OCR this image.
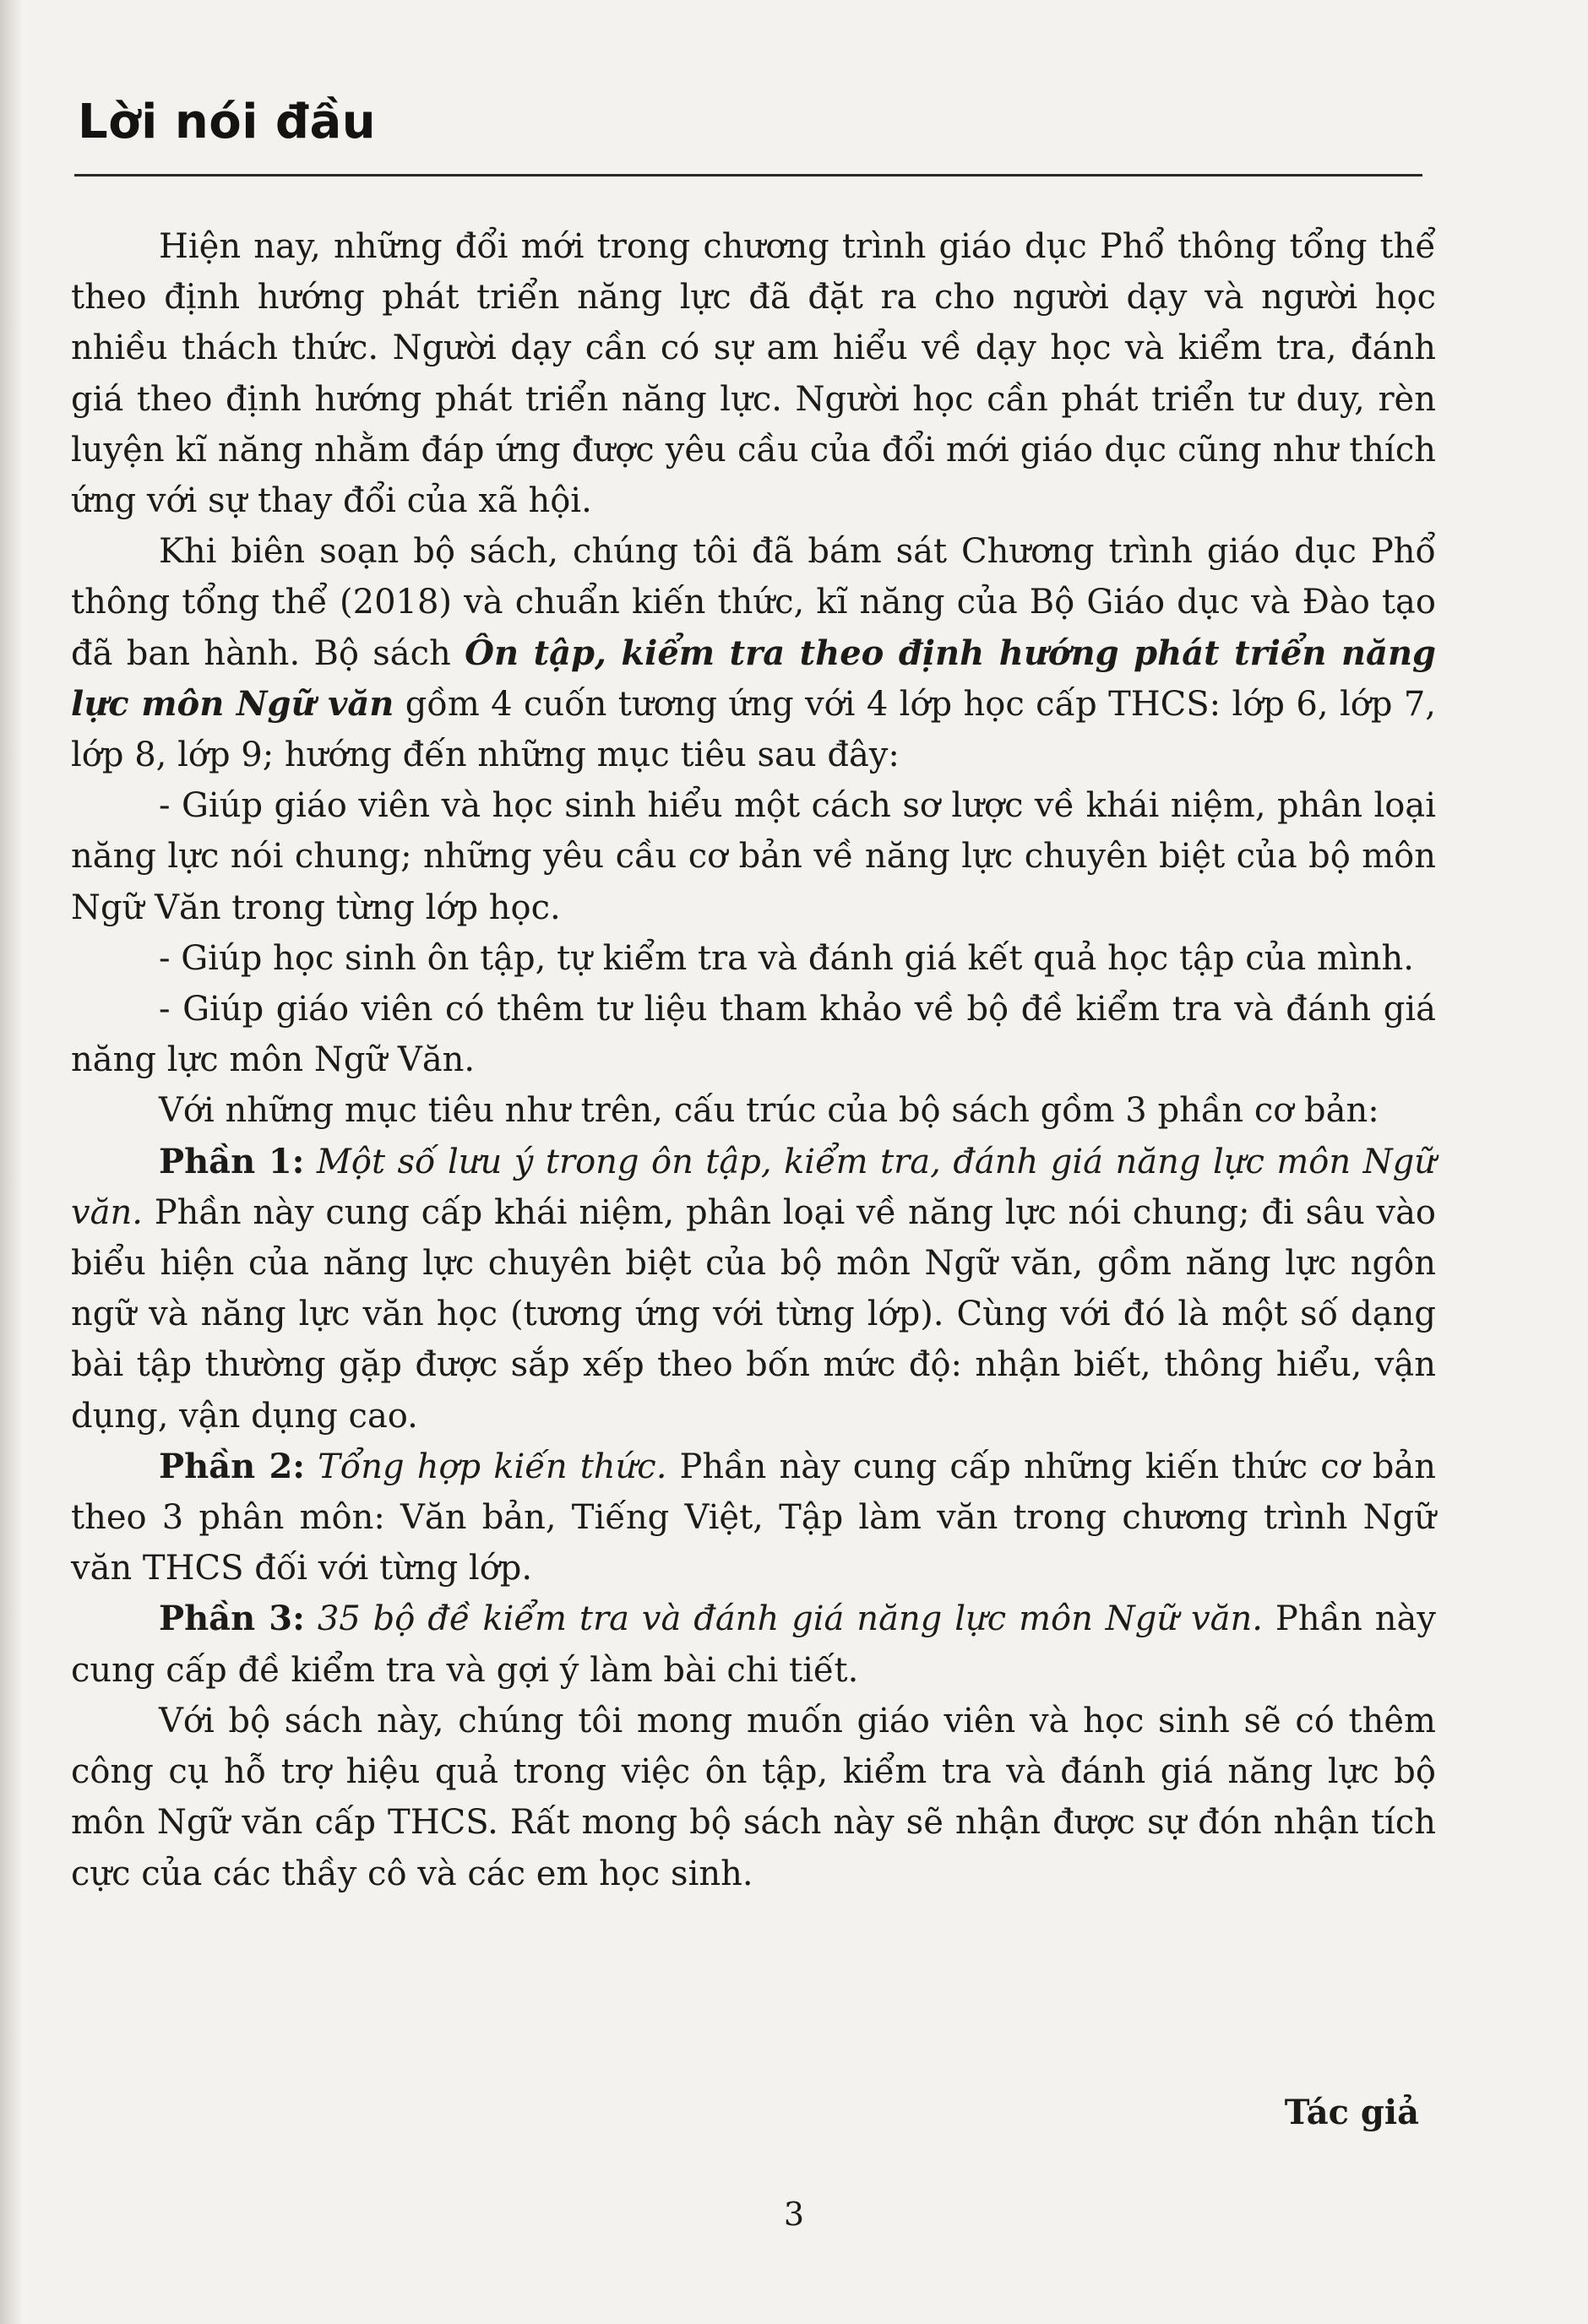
Lời nói đầu

Hiện nay, những đổi mới trong chương trình giáo dục Phổ thông tổng thể theo định hướng phát triển năng lực đã đặt ra cho người dạy và người học nhiều thách thức. Người dạy cần có sự am hiểu về dạy học và kiểm tra, đánh giá theo định hướng phát triển năng lực. Người học cần phát triển tư duy, rèn luyện kĩ năng nhằm đáp ứng được yêu cầu của đổi mới giáo dục cũng như thích ứng với sự thay đổi của xã hội.

Khi biên soạn bộ sách, chúng tôi đã bám sát Chương trình giáo dục Phổ thông tổng thể (2018) và chuẩn kiến thức, kĩ năng của Bộ Giáo dục và Đào tạo đã ban hành. Bộ sách Ôn tập, kiểm tra theo định hướng phát triển năng lực môn Ngữ văn gồm 4 cuốn tương ứng với 4 lớp học cấp THCS: lớp 6, lớp 7, lớp 8, lớp 9; hướng đến những mục tiêu sau đây:

- Giúp giáo viên và học sinh hiểu một cách sơ lược về khái niệm, phân loại năng lực nói chung; những yêu cầu cơ bản về năng lực chuyên biệt của bộ môn Ngữ Văn trong từng lớp học.

- Giúp học sinh ôn tập, tự kiểm tra và đánh giá kết quả học tập của mình.

- Giúp giáo viên có thêm tư liệu tham khảo về bộ đề kiểm tra và đánh giá năng lực môn Ngữ Văn.

Với những mục tiêu như trên, cấu trúc của bộ sách gồm 3 phần cơ bản:

Phần 1: Một số lưu ý trong ôn tập, kiểm tra, đánh giá năng lực môn Ngữ văn. Phần này cung cấp khái niệm, phân loại về năng lực nói chung; đi sâu vào biểu hiện của năng lực chuyên biệt của bộ môn Ngữ văn, gồm năng lực ngôn ngữ và năng lực văn học (tương ứng với từng lớp). Cùng với đó là một số dạng bài tập thường gặp được sắp xếp theo bốn mức độ: nhận biết, thông hiểu, vận dụng, vận dụng cao.

Phần 2: Tổng hợp kiến thức. Phần này cung cấp những kiến thức cơ bản theo 3 phân môn: Văn bản, Tiếng Việt, Tập làm văn trong chương trình Ngữ văn THCS đối với từng lớp.

Phần 3: 35 bộ đề kiểm tra và đánh giá năng lực môn Ngữ văn. Phần này cung cấp đề kiểm tra và gợi ý làm bài chi tiết.

Với bộ sách này, chúng tôi mong muốn giáo viên và học sinh sẽ có thêm công cụ hỗ trợ hiệu quả trong việc ôn tập, kiểm tra và đánh giá năng lực bộ môn Ngữ văn cấp THCS. Rất mong bộ sách này sẽ nhận được sự đón nhận tích cực của các thầy cô và các em học sinh.

Tác giả
3
